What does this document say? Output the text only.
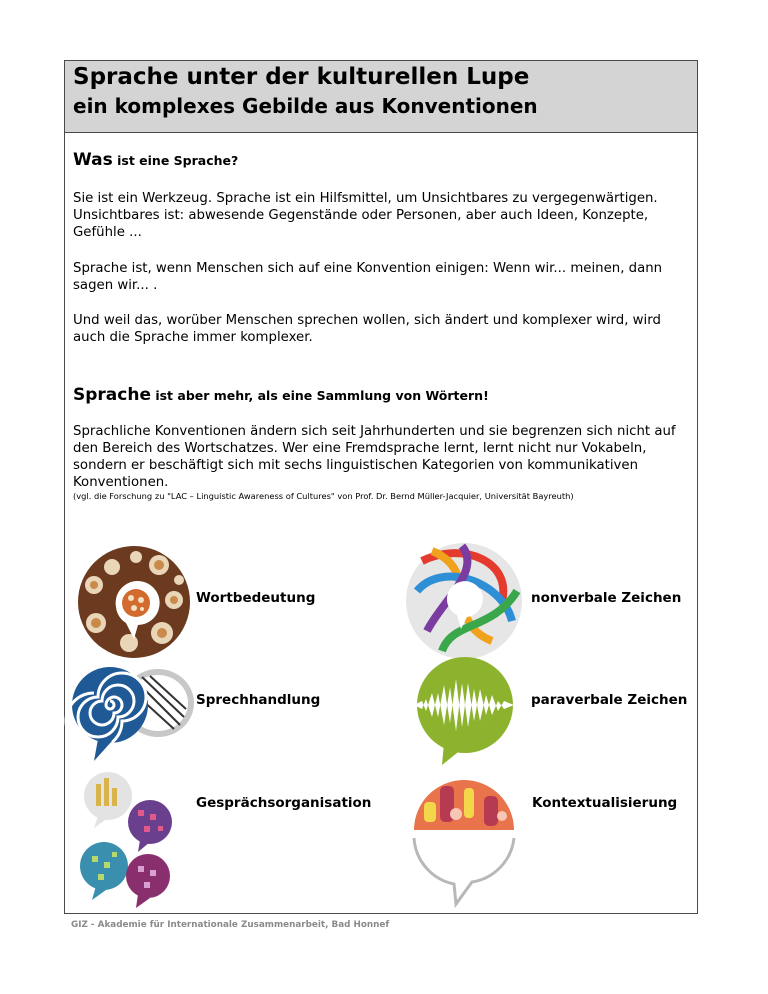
Sprache unter der kulturellen Lupe
ein komplexes Gebilde aus Konventionen
Was ist eine Sprache?
Sie ist ein Werkzeug. Sprache ist ein Hilfsmittel, um Unsichtbares zu vergegenwärtigen. Unsichtbares ist: abwesende Gegenstände oder Personen, aber auch Ideen, Konzepte, Gefühle ...
Sprache ist, wenn Menschen sich auf eine Konvention einigen: Wenn wir... meinen, dann sagen wir... .
Und weil das, worüber Menschen sprechen wollen, sich ändert und komplexer wird, wird auch die Sprache immer komplexer.
Sprache ist aber mehr, als eine Sammlung von Wörtern!
Sprachliche Konventionen ändern sich seit Jahrhunderten und sie begrenzen sich nicht auf den Bereich des Wortschatzes. Wer eine Fremdsprache lernt, lernt nicht nur Vokabeln, sondern er beschäftigt sich mit sechs linguistischen Kategorien von kommunikativen Konventionen.
(vgl. die Forschung zu "LAC – Linguistic Awareness of Cultures" von Prof. Dr. Bernd Müller-Jacquier, Universität Bayreuth)
Wortbedeutung	nonverbale Zeichen
Sprechhandlung	paraverbale Zeichen
Gesprächsorganisation	Kontextualisierung
GIZ - Akademie für Internationale Zusammenarbeit, Bad Honnef
